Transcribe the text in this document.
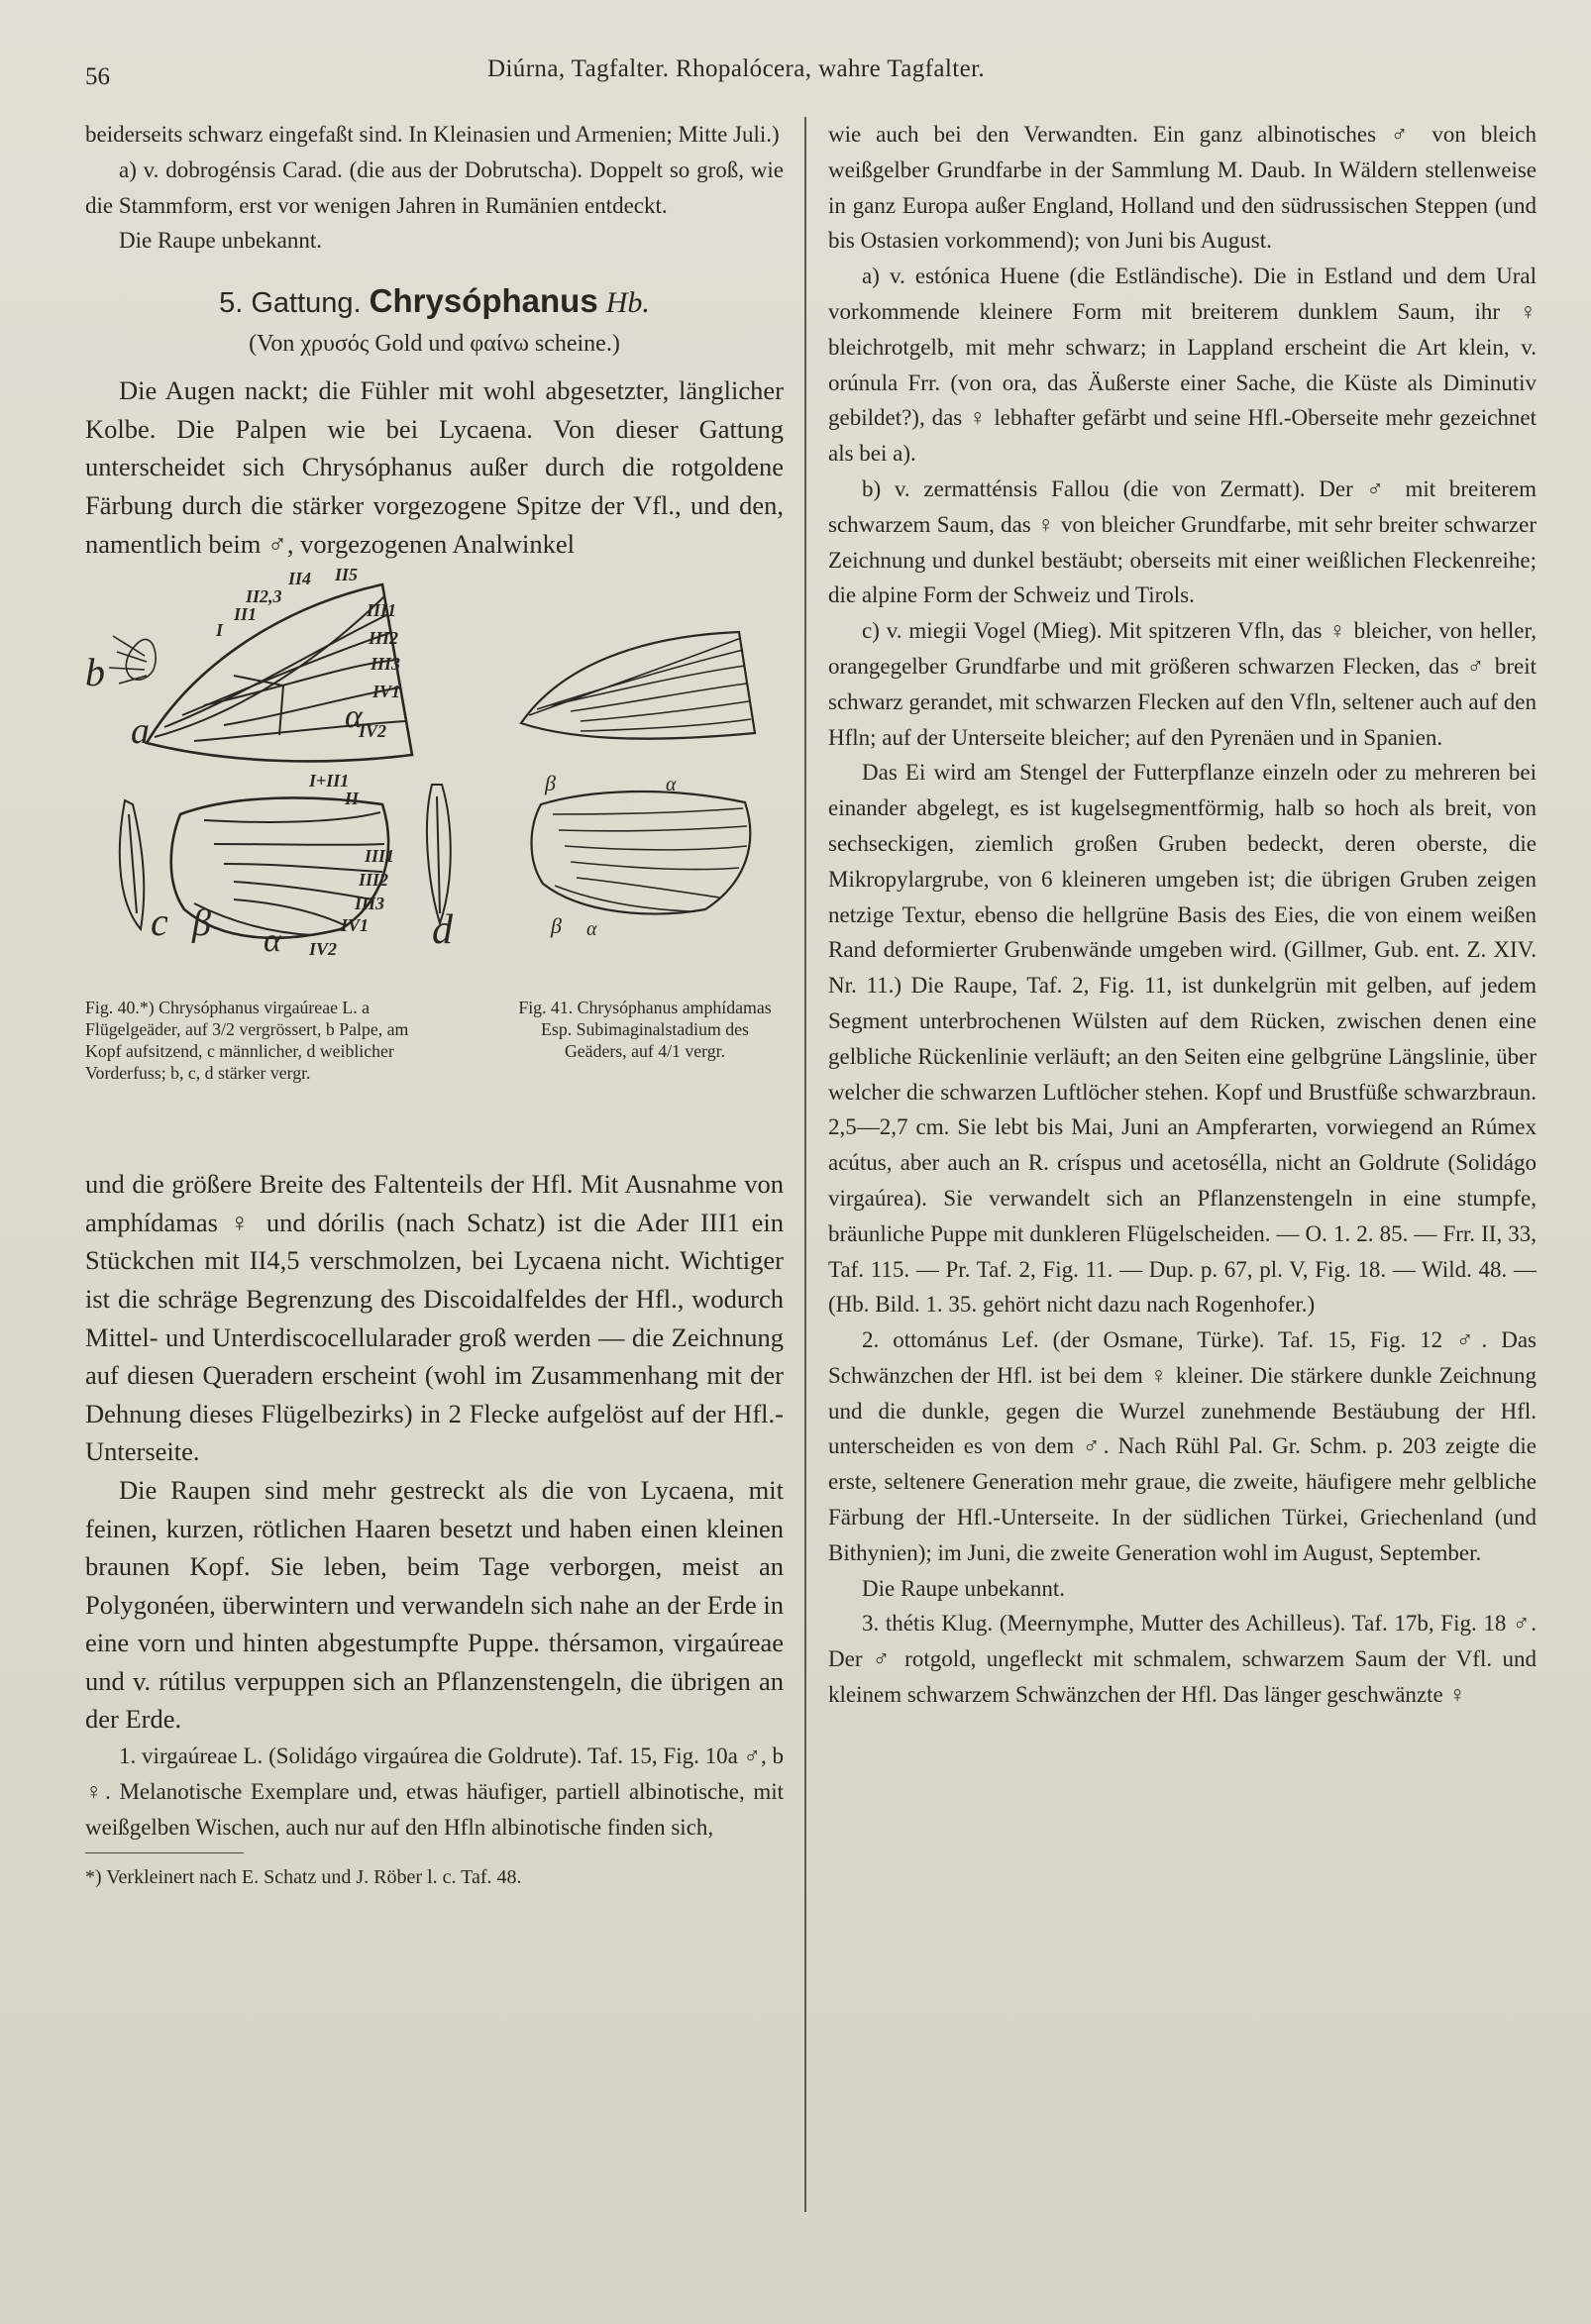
56	Diúrna, Tagfalter. Rhopalócera, wahre Tagfalter.

beiderseits schwarz eingefaßt sind. In Kleinasien und Armenien; Mitte Juli.)

a) v. dobrogénsis Carad. (die aus der Dobrutscha). Doppelt so groß, wie die Stammform, erst vor wenigen Jahren in Rumänien entdeckt.

Die Raupe unbekannt.

5. Gattung. Chrysóphanus Hb.
(Von χρυσός Gold und φαίνω scheine.)

Die Augen nackt; die Fühler mit wohl abgesetzter, länglicher Kolbe. Die Palpen wie bei Lycaena. Von dieser Gattung unterscheidet sich Chrysóphanus außer durch die rotgoldene Färbung durch die stärker vorgezogene Spitze der Vfl., und den, namentlich beim ♂, vorgezogenen Analwinkel

b
a
c	d
β α
α
β
β α
α
II4 II5
II2,3
II1
I
III1
III2
III3
IV1
IV2
I+II1
II
III1
III2
III3
IV1
IV2
Fig. 40.*) Chrysóphanus virgaúreae L. a Flügelgeäder, auf 3/2 vergrössert, b Palpe, am Kopf aufsitzend, c männlicher, d weiblicher Vorderfuss; b, c, d stärker vergr.
Fig. 41. Chrysóphanus amphídamas Esp. Subimaginalstadium des Geäders, auf 4/1 vergr.

und die größere Breite des Faltenteils der Hfl. Mit Ausnahme von amphídamas ♀ und dórilis (nach Schatz) ist die Ader III1 ein Stückchen mit II4,5 verschmolzen, bei Lycaena nicht. Wichtiger ist die schräge Begrenzung des Discoidalfeldes der Hfl., wodurch Mittel- und Unterdiscocellularader groß werden — die Zeichnung auf diesen Queradern erscheint (wohl im Zusammenhang mit der Dehnung dieses Flügelbezirks) in 2 Flecke aufgelöst auf der Hfl.-Unterseite.

Die Raupen sind mehr gestreckt als die von Lycaena, mit feinen, kurzen, rötlichen Haaren besetzt und haben einen kleinen braunen Kopf. Sie leben, beim Tage verborgen, meist an Polygonéen, überwintern und verwandeln sich nahe an der Erde in eine vorn und hinten abgestumpfte Puppe. thérsamon, virgaúreae und v. rútilus verpuppen sich an Pflanzenstengeln, die übrigen an der Erde.

1. virgaúreae L. (Solidágo virgaúrea die Goldrute). Taf. 15, Fig. 10a ♂, b ♀. Melanotische Exemplare und, etwas häufiger, partiell albinotische, mit weißgelben Wischen, auch nur auf den Hfln albinotische finden sich,

*) Verkleinert nach E. Schatz und J. Röber l. c. Taf. 48.

wie auch bei den Verwandten. Ein ganz albinotisches ♂ von bleich weißgelber Grundfarbe in der Sammlung M. Daub. In Wäldern stellenweise in ganz Europa außer England, Holland und den südrussischen Steppen (und bis Ostasien vorkommend); von Juni bis August.

a) v. estónica Huene (die Estländische). Die in Estland und dem Ural vorkommende kleinere Form mit breiterem dunklem Saum, ihr ♀ bleichrotgelb, mit mehr schwarz; in Lappland erscheint die Art klein, v. orúnula Frr. (von ora, das Äußerste einer Sache, die Küste als Diminutiv gebildet?), das ♀ lebhafter gefärbt und seine Hfl.-Oberseite mehr gezeichnet als bei a).

b) v. zermatténsis Fallou (die von Zermatt). Der ♂ mit breiterem schwarzem Saum, das ♀ von bleicher Grundfarbe, mit sehr breiter schwarzer Zeichnung und dunkel bestäubt; oberseits mit einer weißlichen Fleckenreihe; die alpine Form der Schweiz und Tirols.

c) v. miegii Vogel (Mieg). Mit spitzeren Vfln, das ♀ bleicher, von heller, orangegelber Grundfarbe und mit größeren schwarzen Flecken, das ♂ breit schwarz gerandet, mit schwarzen Flecken auf den Vfln, seltener auch auf den Hfln; auf der Unterseite bleicher; auf den Pyrenäen und in Spanien.

Das Ei wird am Stengel der Futterpflanze einzeln oder zu mehreren bei einander abgelegt, es ist kugelsegmentförmig, halb so hoch als breit, von sechseckigen, ziemlich großen Gruben bedeckt, deren oberste, die Mikropylargrube, von 6 kleineren umgeben ist; die übrigen Gruben zeigen netzige Textur, ebenso die hellgrüne Basis des Eies, die von einem weißen Rand deformierter Grubenwände umgeben wird. (Gillmer, Gub. ent. Z. XIV. Nr. 11.) Die Raupe, Taf. 2, Fig. 11, ist dunkelgrün mit gelben, auf jedem Segment unterbrochenen Wülsten auf dem Rücken, zwischen denen eine gelbliche Rückenlinie verläuft; an den Seiten eine gelbgrüne Längslinie, über welcher die schwarzen Luftlöcher stehen. Kopf und Brustfüße schwarzbraun. 2,5—2,7 cm. Sie lebt bis Mai, Juni an Ampferarten, vorwiegend an Rúmex acútus, aber auch an R. críspus und acetosélla, nicht an Goldrute (Solidágo virgaúrea). Sie verwandelt sich an Pflanzenstengeln in eine stumpfe, bräunliche Puppe mit dunkleren Flügelscheiden. — O. 1. 2. 85. — Frr. II, 33, Taf. 115. — Pr. Taf. 2, Fig. 11. — Dup. p. 67, pl. V, Fig. 18. — Wild. 48. — (Hb. Bild. 1. 35. gehört nicht dazu nach Rogenhofer.)

2. ottománus Lef. (der Osmane, Türke). Taf. 15, Fig. 12 ♂. Das Schwänzchen der Hfl. ist bei dem ♀ kleiner. Die stärkere dunkle Zeichnung und die dunkle, gegen die Wurzel zunehmende Bestäubung der Hfl. unterscheiden es von dem ♂. Nach Rühl Pal. Gr. Schm. p. 203 zeigte die erste, seltenere Generation mehr graue, die zweite, häufigere mehr gelbliche Färbung der Hfl.-Unterseite. In der südlichen Türkei, Griechenland (und Bithynien); im Juni, die zweite Generation wohl im August, September.

Die Raupe unbekannt.

3. thétis Klug. (Meernymphe, Mutter des Achilleus). Taf. 17b, Fig. 18 ♂. Der ♂ rotgold, ungefleckt mit schmalem, schwarzem Saum der Vfl. und kleinem schwarzem Schwänzchen der Hfl. Das länger geschwänzte ♀
